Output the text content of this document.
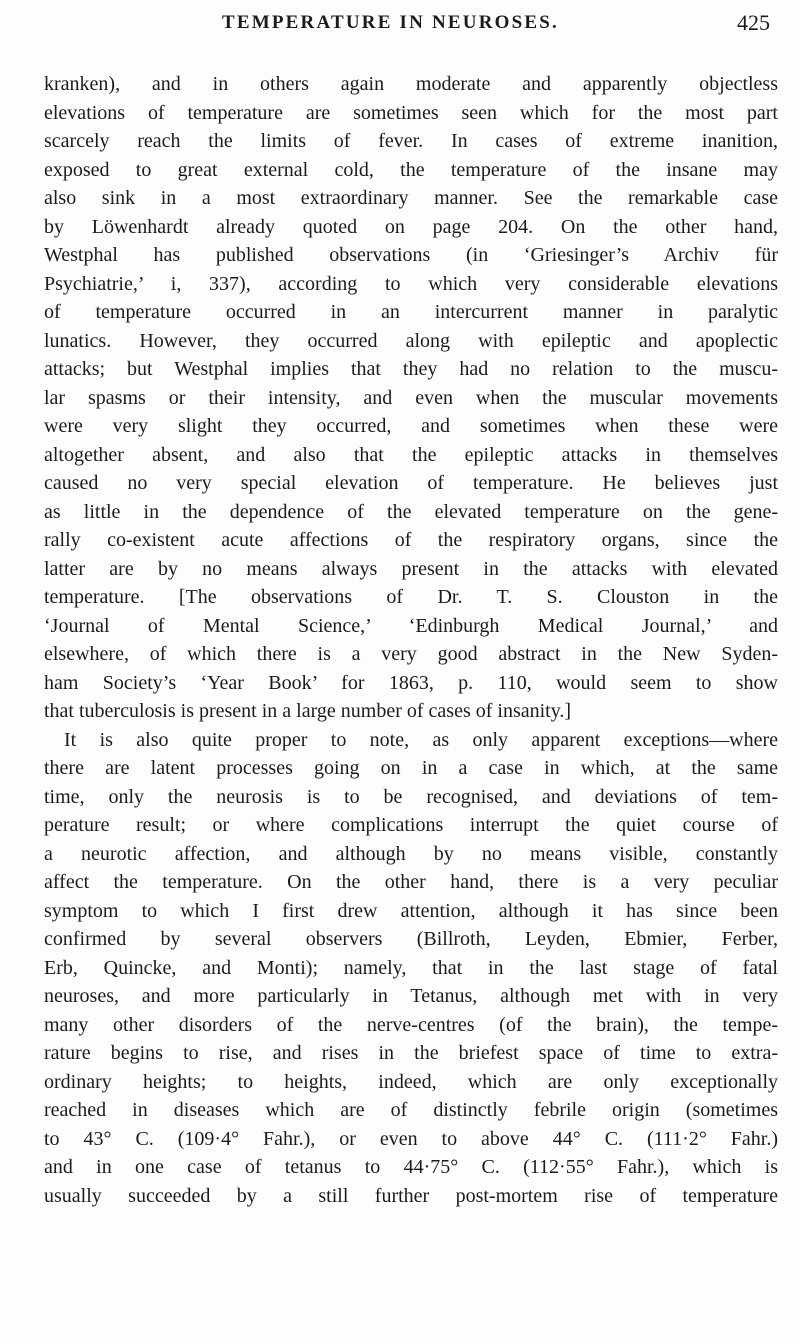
TEMPERATURE IN NEUROSES.	425
kranken), and in others again moderate and apparently objectless
elevations of temperature are sometimes seen which for the most part
scarcely reach the limits of fever. In cases of extreme inanition,
exposed to great external cold, the temperature of the insane may
also sink in a most extraordinary manner. See the remarkable case
by Löwenhardt already quoted on page 204. On the other hand,
Westphal has published observations (in ‘Griesinger’s Archiv für
Psychiatrie,’ i, 337), according to which very considerable elevations
of temperature occurred in an intercurrent manner in paralytic
lunatics. However, they occurred along with epileptic and apoplectic
attacks; but Westphal implies that they had no relation to the muscu-
lar spasms or their intensity, and even when the muscular movements
were very slight they occurred, and sometimes when these were
altogether absent, and also that the epileptic attacks in themselves
caused no very special elevation of temperature. He believes just
as little in the dependence of the elevated temperature on the gene-
rally co-existent acute affections of the respiratory organs, since the
latter are by no means always present in the attacks with elevated
temperature. [The observations of Dr. T. S. Clouston in the
‘Journal of Mental Science,’ ‘Edinburgh Medical Journal,’ and
elsewhere, of which there is a very good abstract in the New Syden-
ham Society’s ‘Year Book’ for 1863, p. 110, would seem to show
that tuberculosis is present in a large number of cases of insanity.]
It is also quite proper to note, as only apparent exceptions—where
there are latent processes going on in a case in which, at the same
time, only the neurosis is to be recognised, and deviations of tem-
perature result; or where complications interrupt the quiet course of
a neurotic affection, and although by no means visible, constantly
affect the temperature. On the other hand, there is a very peculiar
symptom to which I first drew attention, although it has since been
confirmed by several observers (Billroth, Leyden, Ebmier, Ferber,
Erb, Quincke, and Monti); namely, that in the last stage of fatal
neuroses, and more particularly in Tetanus, although met with in very
many other disorders of the nerve-centres (of the brain), the tempe-
rature begins to rise, and rises in the briefest space of time to extra-
ordinary heights; to heights, indeed, which are only exceptionally
reached in diseases which are of distinctly febrile origin (sometimes
to 43° C. (109·4° Fahr.), or even to above 44° C. (111·2° Fahr.)
and in one case of tetanus to 44·75° C. (112·55° Fahr.), which is
usually succeeded by a still further post-mortem rise of temperature
